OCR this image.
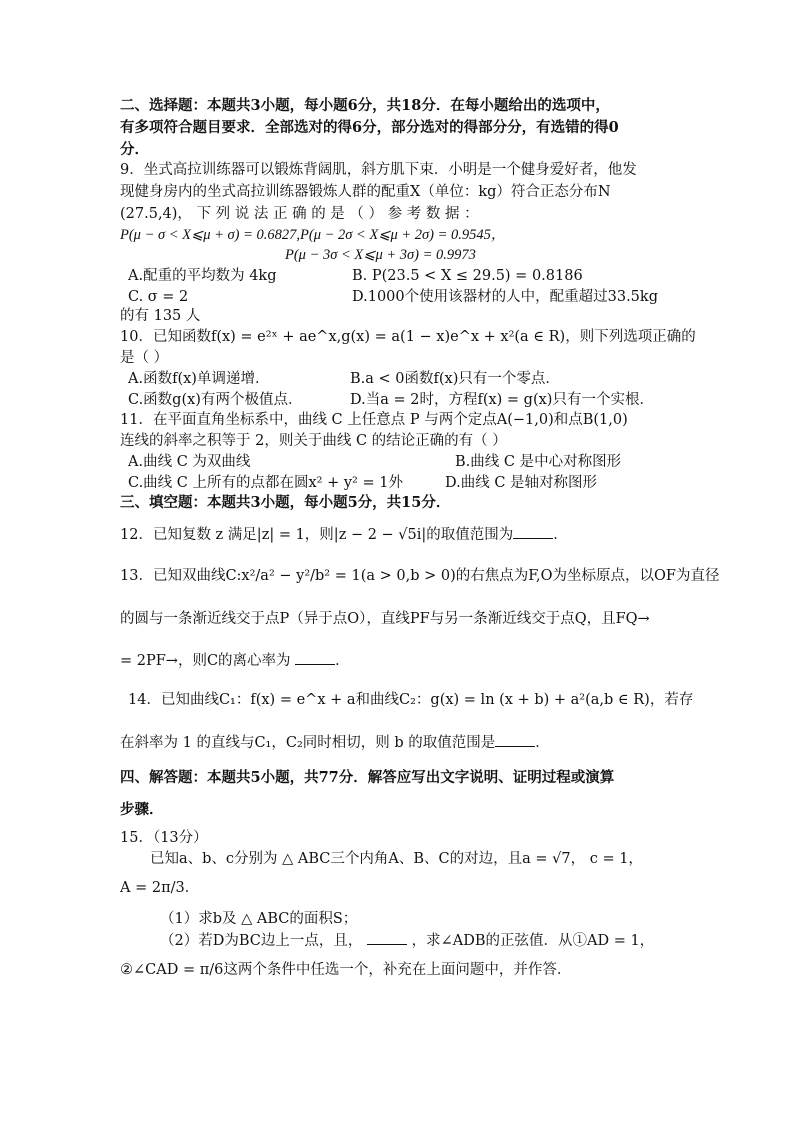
二、选择题：本题共3小题，每小题6分，共18分．在每小题给出的选项中，
有多项符合题目要求．全部选对的得6分，部分选对的得部分分，有选错的得0
分．
9．坐式高拉训练器可以锻炼背阔肌，斜方肌下束．小明是一个健身爱好者，他发
现健身房内的坐式高拉训练器锻炼人群的配重X（单位：kg）符合正态分布N
(27.5,4)， 下 列 说 法 正 确 的 是 （ ） 参 考 数 据 ：
P(μ − σ < X⩽μ + σ) = 0.6827,P(μ − 2σ < X⩽μ + 2σ) = 0.9545，
P(μ − 3σ < X⩽μ + 3σ) = 0.9973
A.配重的平均数为 4kg	B. P(23.5 < X ≤ 29.5) = 0.8186
C. σ = 2	D.1000个使用该器材的人中，配重超过33.5kg
的有 135 人
10．已知函数f(x) = e²ˣ + ae^x,g(x) = a(1 − x)e^x + x²(a ∈ R)，则下列选项正确的
是（ ）
A.函数f(x)单调递增．	B.a < 0函数f(x)只有一个零点．
C.函数g(x)有两个极值点．	D.当a = 2时，方程f(x) = g(x)只有一个实根．
11．在平面直角坐标系中，曲线 C 上任意点 P 与两个定点A(−1,0)和点B(1,0)
连线的斜率之积等于 2，则关于曲线 C 的结论正确的有（ ）
A.曲线 C 为双曲线	B.曲线 C 是中心对称图形
C.曲线 C 上所有的点都在圆x² + y² = 1外	D.曲线 C 是轴对称图形
三、填空题：本题共3小题，每小题5分，共15分．
12．已知复数 z 满足|z| = 1，则|z − 2 − √5i|的取值范围为	．
13．已知双曲线C:x²/a² − y²/b² = 1(a > 0,b > 0)的右焦点为F,O为坐标原点，以OF为直径
的圆与一条渐近线交于点P（异于点O），直线PF与另一条渐近线交于点Q，且FQ→
= 2PF→，则C的离心率为	．
14．已知曲线C₁：f(x) = e^x + a和曲线C₂：g(x) = ln (x + b) + a²(a,b ∈ R)，若存
在斜率为 1 的直线与C₁，C₂同时相切，则 b 的取值范围是	．
四、解答题：本题共5小题，共77分．解答应写出文字说明、证明过程或演算
步骤．
15．（13分）
已知a、b、c分别为 △ ABC三个内角A、B、C的对边，且a = √7， c = 1，
A = 2π/3．
（1）求b及 △ ABC的面积S；
（2）若D为BC边上一点，且，	，求∠ADB的正弦值．从①AD = 1，
②∠CAD = π/6这两个条件中任选一个，补充在上面问题中，并作答．
